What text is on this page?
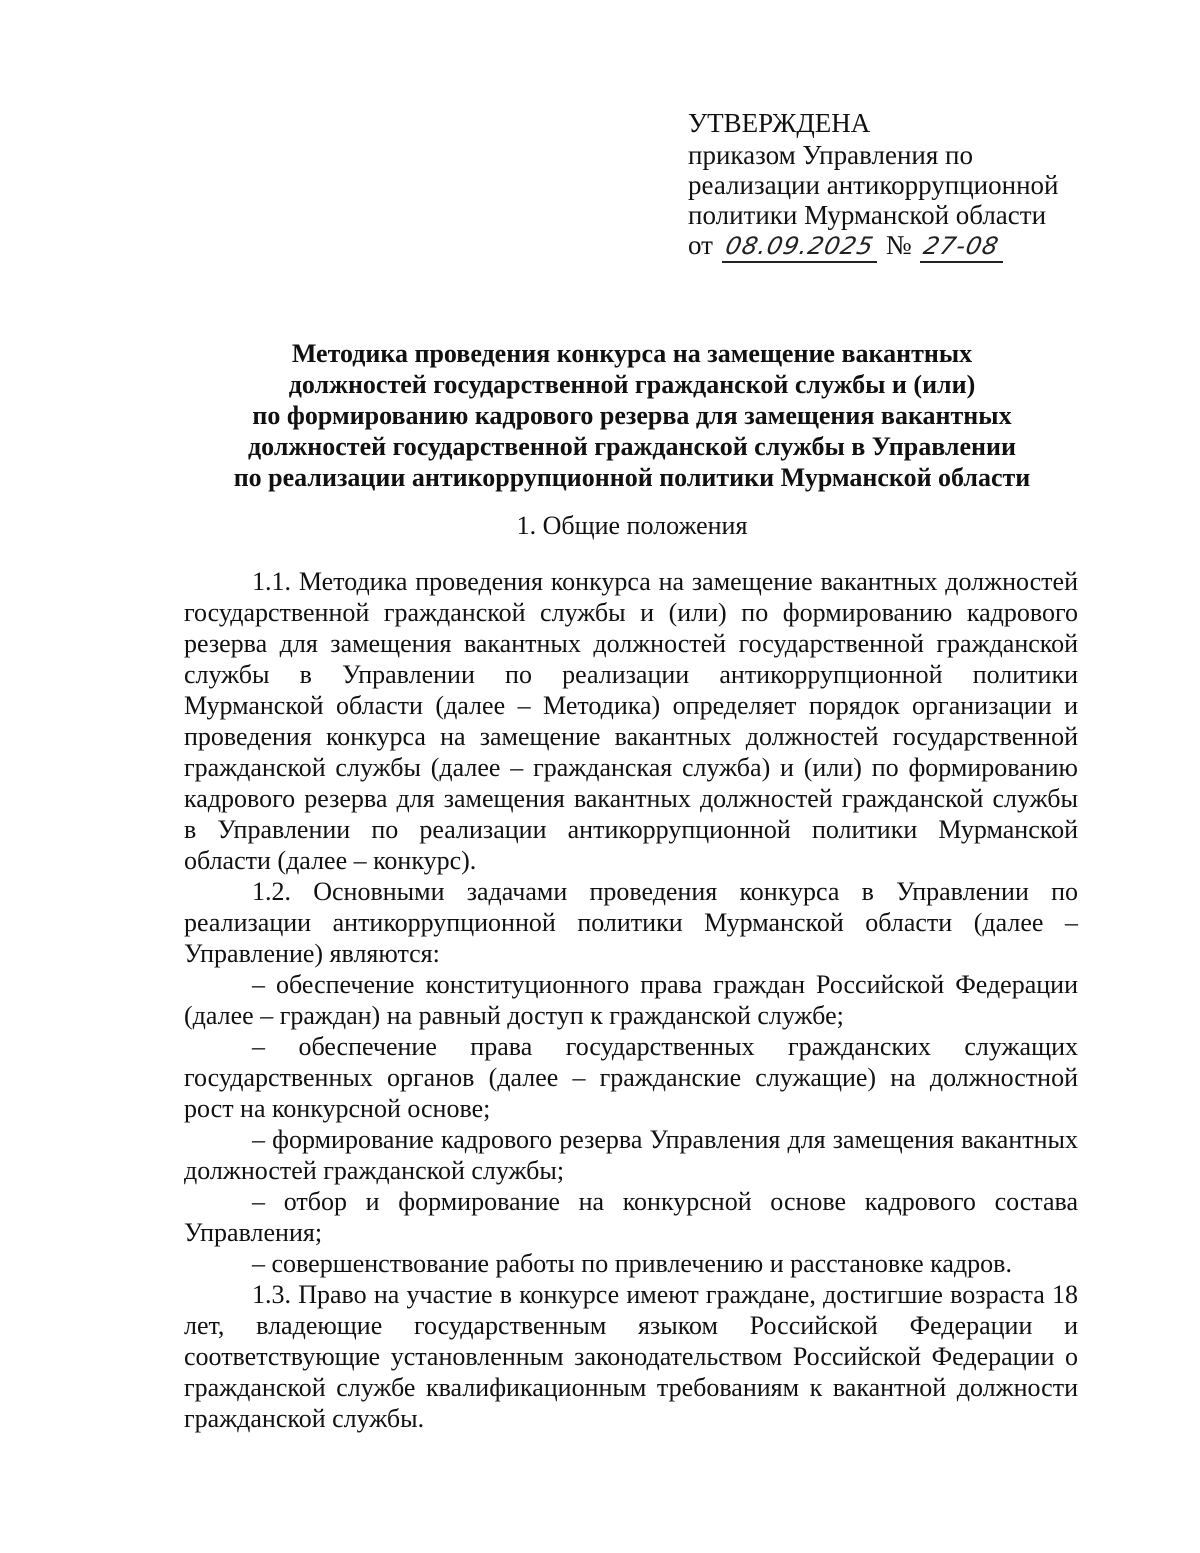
УТВЕРЖДЕНА
приказом Управления по
реализации антикоррупционной
политики Мурманской области
от 08.09.2025 № 27-08
Методика проведения конкурса на замещение вакантных
должностей государственной гражданской службы и (или)
по формированию кадрового резерва для замещения вакантных
должностей государственной гражданской службы в Управлении
по реализации антикоррупционной политики Мурманской области
1. Общие положения

1.1. Методика проведения конкурса на замещение вакантных должностей государственной гражданской службы и (или) по формированию кадрового резерва для замещения вакантных должностей государственной гражданской службы в Управлении по реализации антикоррупционной политики Мурманской области (далее – Методика) определяет порядок организации и проведения конкурса на замещение вакантных должностей государственной гражданской службы (далее – гражданская служба) и (или) по формированию кадрового резерва для замещения вакантных должностей гражданской службы в Управлении по реализации антикоррупционной политики Мурманской области (далее – конкурс).

1.2. Основными задачами проведения конкурса в Управлении по реализации антикоррупционной политики Мурманской области (далее – Управление) являются:

– обеспечение конституционного права граждан Российской Федерации (далее – граждан) на равный доступ к гражданской службе;

– обеспечение права государственных гражданских служащих государственных органов (далее – гражданские служащие) на должностной рост на конкурсной основе;

– формирование кадрового резерва Управления для замещения вакантных должностей гражданской службы;

– отбор и формирование на конкурсной основе кадрового состава Управления;

– совершенствование работы по привлечению и расстановке кадров.

1.3. Право на участие в конкурсе имеют граждане, достигшие возраста 18 лет, владеющие государственным языком Российской Федерации и соответствующие установленным законодательством Российской Федерации о гражданской службе квалификационным требованиям к вакантной должности гражданской службы.
